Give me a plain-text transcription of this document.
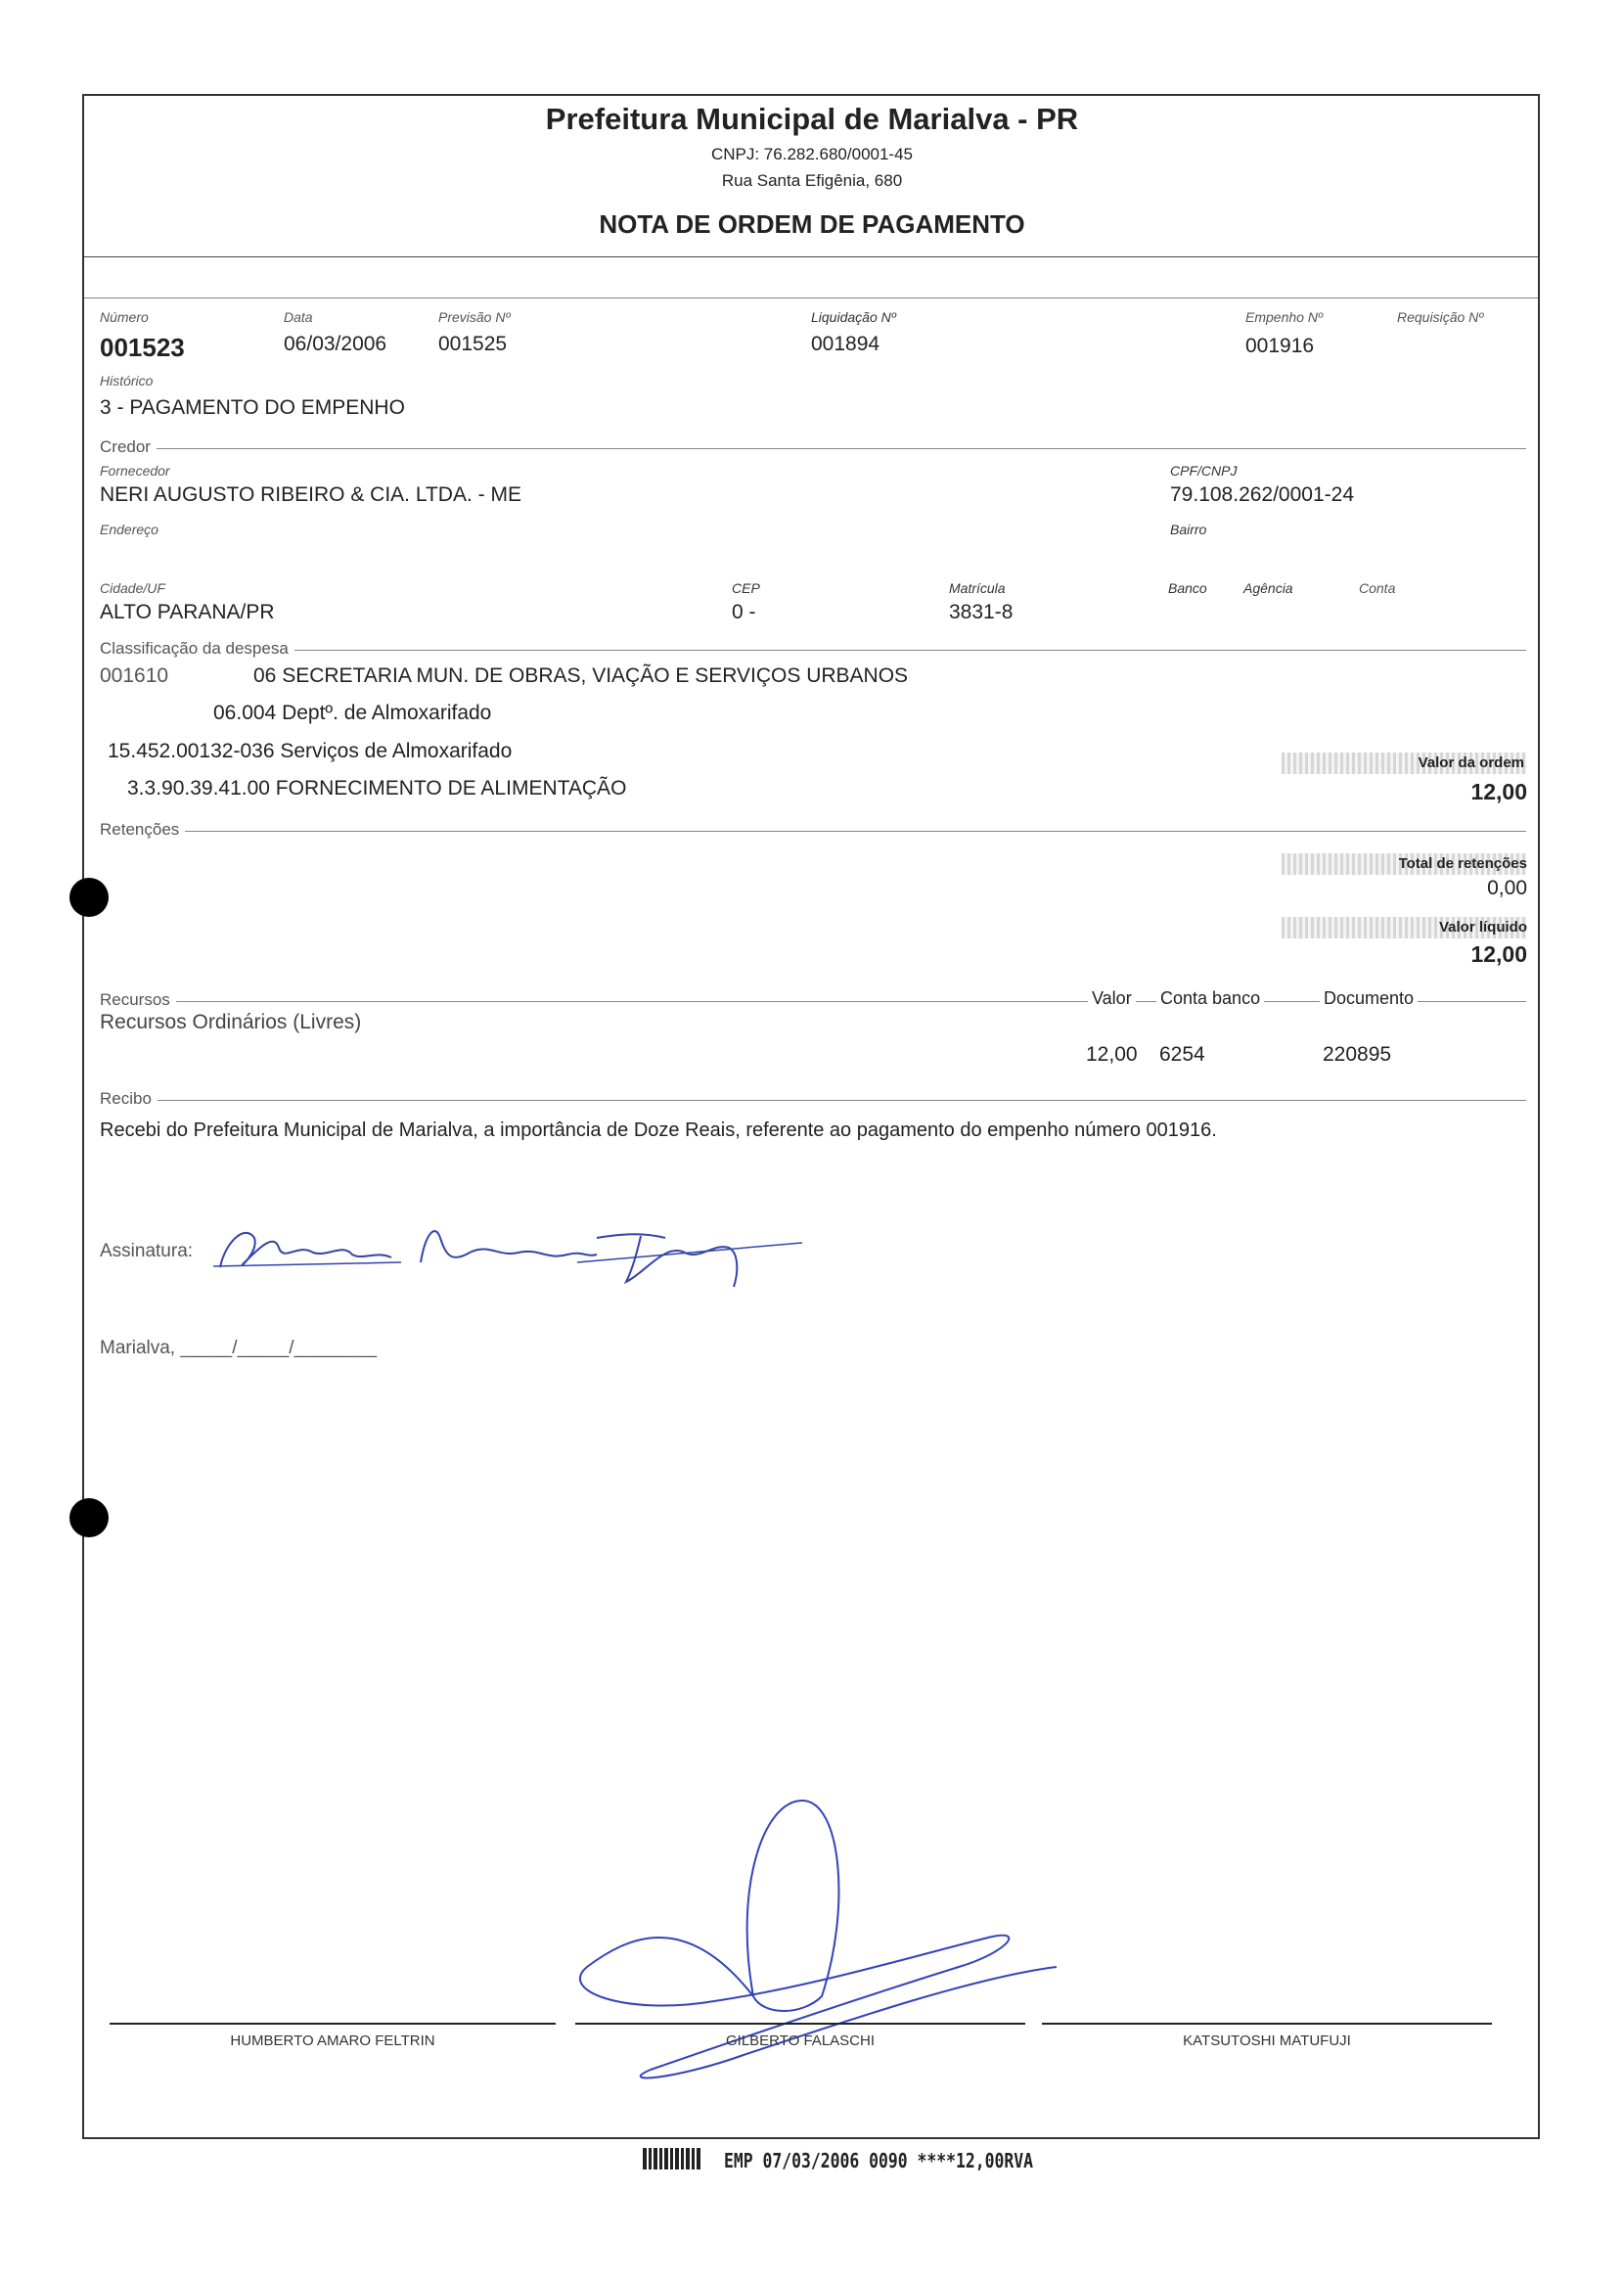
Prefeitura Municipal de Marialva - PR
CNPJ: 76.282.680/0001-45
Rua Santa Efigênia, 680
NOTA DE ORDEM DE PAGAMENTO
Número
001523
Data
06/03/2006
Previsão Nº
001525
Liquidação Nº
001894
Empenho Nº
001916
Requisição Nº
Histórico
3 - PAGAMENTO DO EMPENHO
Credor
Fornecedor
NERI AUGUSTO RIBEIRO & CIA. LTDA. - ME
CPF/CNPJ
79.108.262/0001-24
Endereço	Bairro
Cidade/UF
ALTO PARANA/PR
CEP
0 -
Matrícula
3831-8
Banco	Agência	Conta
Classificação da despesa
001610	06 SECRETARIA MUN. DE OBRAS, VIAÇÃO E SERVIÇOS URBANOS
06.004 Deptº. de Almoxarifado
15.452.00132-036 Serviços de Almoxarifado
3.3.90.39.41.00 FORNECIMENTO DE ALIMENTAÇÃO
Valor da ordem
12,00
Retenções
Total de retenções
0,00
Valor líquido
12,00
Recursos	Valor Conta banco	Documento
Recursos Ordinários (Livres)
12,00 6254	220895
Recibo
Recebi do Prefeitura Municipal de Marialva, a importância de Doze Reais, referente ao pagamento do empenho número 001916.
Assinatura:
Marialva, _____/_____/________
HUMBERTO AMARO FELTRIN	GILBERTO FALASCHI	KATSUTOSHI MATUFUJI
EMP 07/03/2006 0090 ****12,00RVA
